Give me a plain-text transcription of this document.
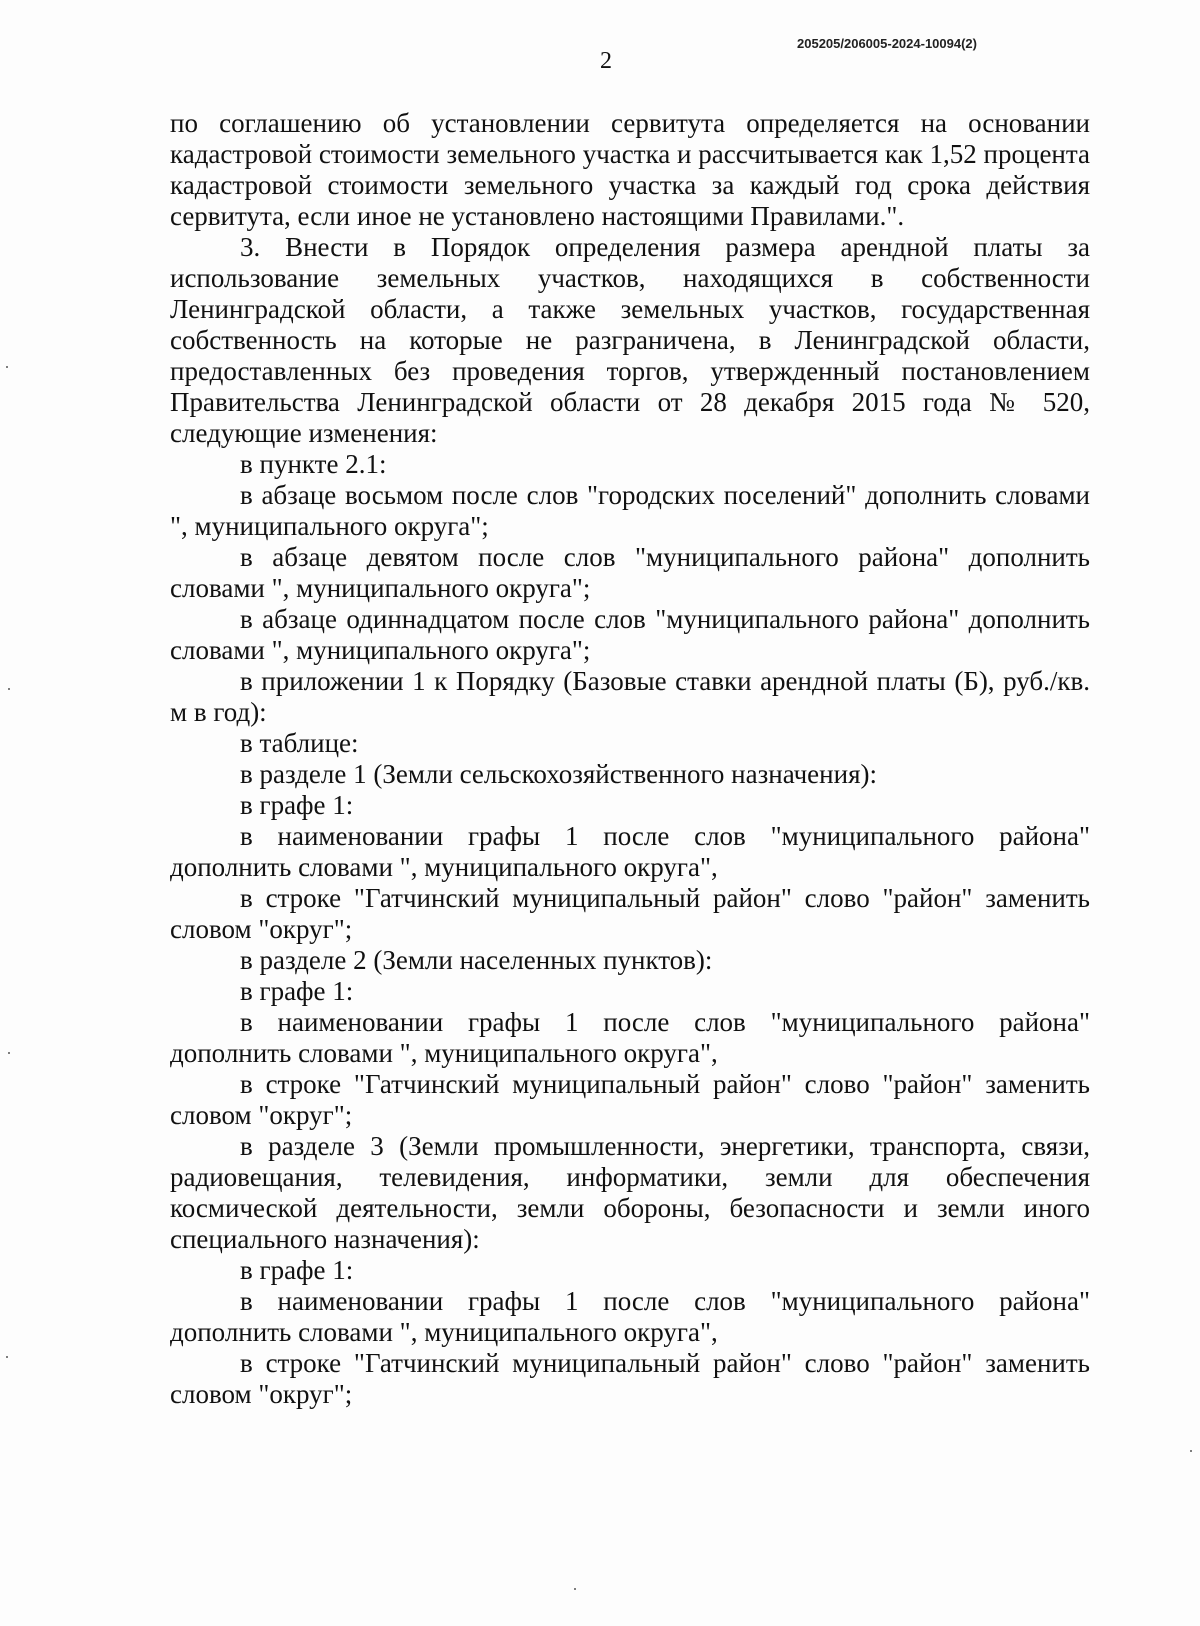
2
205205/206005-2024-10094(2)

по соглашению об установлении сервитута определяется на основании кадастровой стоимости земельного участка и рассчитывается как 1,52 процента кадастровой стоимости земельного участка за каждый год срока действия сервитута, если иное не установлено настоящими Правилами.".

3. Внести в Порядок определения размера арендной платы за использование земельных участков, находящихся в собственности Ленинградской области, а также земельных участков, государственная собственность на которые не разграничена, в Ленинградской области, предоставленных без проведения торгов, утвержденный постановлением Правительства Ленинградской области от 28 декабря 2015 года № 520, следующие изменения:

в пункте 2.1:

в абзаце восьмом после слов "городских поселений" дополнить словами ", муниципального округа";

в абзаце девятом после слов "муниципального района" дополнить словами ", муниципального округа";

в абзаце одиннадцатом после слов "муниципального района" дополнить словами ", муниципального округа";

в приложении 1 к Порядку (Базовые ставки арендной платы (Б), руб./кв. м в год):

в таблице:

в разделе 1 (Земли сельскохозяйственного назначения):

в графе 1:

в наименовании графы 1 после слов "муниципального района" дополнить словами ", муниципального округа",

в строке "Гатчинский муниципальный район" слово "район" заменить словом "округ";

в разделе 2 (Земли населенных пунктов):

в графе 1:

в наименовании графы 1 после слов "муниципального района" дополнить словами ", муниципального округа",

в строке "Гатчинский муниципальный район" слово "район" заменить словом "округ";

в разделе 3 (Земли промышленности, энергетики, транспорта, связи, радиовещания, телевидения, информатики, земли для обеспечения космической деятельности, земли обороны, безопасности и земли иного специального назначения):

в графе 1:

в наименовании графы 1 после слов "муниципального района" дополнить словами ", муниципального округа",

в строке "Гатчинский муниципальный район" слово "район" заменить словом "округ";
